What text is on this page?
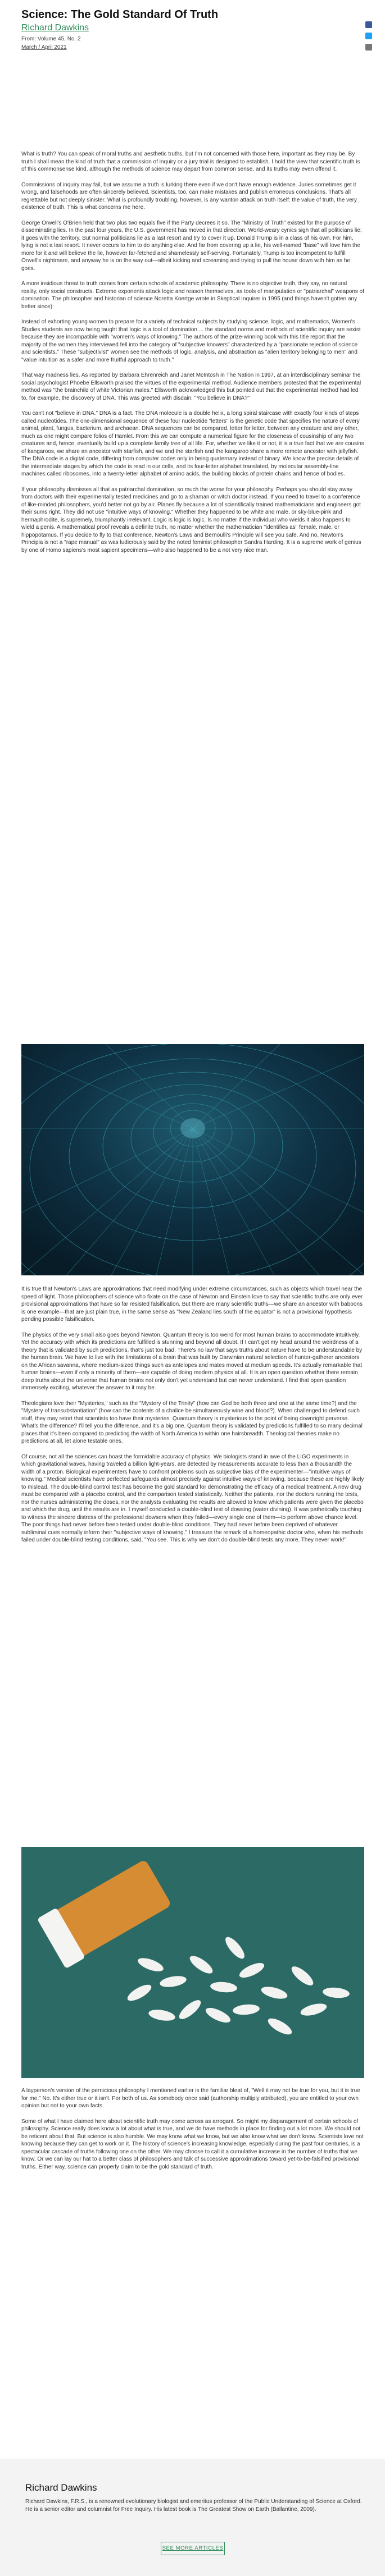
Science: The Gold Standard Of Truth
Richard Dawkins
From: Volume 45, No. 2
March / April 2021

What is truth? You can speak of moral truths and aesthetic truths, but I'm not concerned with those here, important as they may be. By truth I shall mean the kind of truth that a commission of inquiry or a jury trial is designed to establish. I hold the view that scientific truth is of this commonsense kind, although the methods of science may depart from common sense, and its truths may even offend it.

Commissions of inquiry may fail, but we assume a truth is lurking there even if we don't have enough evidence. Juries sometimes get it wrong, and falsehoods are often sincerely believed. Scientists, too, can make mistakes and publish erroneous conclusions. That's all regrettable but not deeply sinister. What is profoundly troubling, however, is any wanton attack on truth itself: the value of truth, the very existence of truth. This is what concerns me here.

George Orwell's O'Brien held that two plus two equals five if the Party decrees it so. The "Ministry of Truth" existed for the purpose of disseminating lies. In the past four years, the U.S. government has moved in that direction. World-weary cynics sigh that all politicians lie; it goes with the territory. But normal politicians lie as a last resort and try to cover it up. Donald Trump is in a class of his own. For him, lying is not a last resort. It never occurs to him to do anything else. And far from covering up a lie, his well-named "base" will love him the more for it and will believe the lie, however far-fetched and shamelessly self-serving. Fortunately, Trump is too incompetent to fulfill Orwell's nightmare, and anyway he is on the way out—albeit kicking and screaming and trying to pull the house down with him as he goes.

A more insidious threat to truth comes from certain schools of academic philosophy. There is no objective truth, they say, no natural reality, only social constructs. Extreme exponents attack logic and reason themselves, as tools of manipulation or "patriarchal" weapons of domination. The philosopher and historian of science Noretta Koertge wrote in Skeptical Inquirer in 1995 (and things haven't gotten any better since):

Instead of exhorting young women to prepare for a variety of technical subjects by studying science, logic, and mathematics, Women's Studies students are now being taught that logic is a tool of domination ... the standard norms and methods of scientific inquiry are sexist because they are incompatible with "women's ways of knowing." The authors of the prize-winning book with this title report that the majority of the women they interviewed fell into the category of "subjective knowers" characterized by a "passionate rejection of science and scientists." These "subjectivist" women see the methods of logic, analysis, and abstraction as "alien territory belonging to men" and "value intuition as a safer and more fruitful approach to truth."

That way madness lies. As reported by Barbara Ehrenreich and Janet McIntosh in The Nation in 1997, at an interdisciplinary seminar the social psychologist Phoebe Ellsworth praised the virtues of the experimental method. Audience members protested that the experimental method was "the brainchild of white Victorian males." Ellsworth acknowledged this but pointed out that the experimental method had led to, for example, the discovery of DNA. This was greeted with disdain: "You believe in DNA?"

You can't not "believe in DNA." DNA is a fact. The DNA molecule is a double helix, a long spiral staircase with exactly four kinds of steps called nucleotides. The one-dimensional sequence of these four nucleotide "letters" is the genetic code that specifies the nature of every animal, plant, fungus, bacterium, and archaean. DNA sequences can be compared, letter for letter, between any creature and any other, much as one might compare folios of Hamlet. From this we can compute a numerical figure for the closeness of cousinship of any two creatures and, hence, eventually build up a complete family tree of all life. For, whether we like it or not, it is a true fact that we are cousins of kangaroos, we share an ancestor with starfish, and we and the starfish and the kangaroo share a more remote ancestor with jellyfish. The DNA code is a digital code, differing from computer codes only in being quaternary instead of binary. We know the precise details of the intermediate stages by which the code is read in our cells, and its four-letter alphabet translated, by molecular assembly-line machines called ribosomes, into a twenty-letter alphabet of amino acids, the building blocks of protein chains and hence of bodies.

If your philosophy dismisses all that as patriarchal domination, so much the worse for your philosophy. Perhaps you should stay away from doctors with their experimentally tested medicines and go to a shaman or witch doctor instead. If you need to travel to a conference of like-minded philosophers, you'd better not go by air. Planes fly because a lot of scientifically trained mathematicians and engineers got their sums right. They did not use "intuitive ways of knowing." Whether they happened to be white and male, or sky-blue-pink and hermaphrodite, is supremely, triumphantly irrelevant. Logic is logic is logic. Is no matter if the individual who wields it also happens to wield a penis. A mathematical proof reveals a definite truth, no matter whether the mathematician "identifies as" female, male, or hippopotamus. If you decide to fly to that conference, Newton's Laws and Bernoulli's Principle will see you safe. And no, Newton's Principia is not a "rape manual" as was ludicrously said by the noted feminist philosopher Sandra Harding. It is a supreme work of genius by one of Homo sapiens's most sapient specimens—who also happened to be a not very nice man.

It is true that Newton's Laws are approximations that need modifying under extreme circumstances, such as objects which travel near the speed of light. Those philosophers of science who fixate on the case of Newton and Einstein love to say that scientific truths are only ever provisional approximations that have so far resisted falsification. But there are many scientific truths—we share an ancestor with baboons is one example—that are just plain true, in the same sense as "New Zealand lies south of the equator" is not a provisional hypothesis pending possible falsification.

The physics of the very small also goes beyond Newton. Quantum theory is too weird for most human brains to accommodate intuitively. Yet the accuracy with which its predictions are fulfilled is stunning and beyond all doubt. If I can't get my head around the weirdness of a theory that is validated by such predictions, that's just too bad. There's no law that says truths about nature have to be understandable by the human brain. We have to live with the limitations of a brain that was built by Darwinian natural selection of hunter-gatherer ancestors on the African savanna, where medium-sized things such as antelopes and mates moved at medium speeds. It's actually remarkable that human brains—even if only a minority of them—are capable of doing modern physics at all. It is an open question whether there remain deep truths about the universe that human brains not only don't yet understand but can never understand. I find that open question immensely exciting, whatever the answer to it may be.

Theologians love their "Mysteries," such as the "Mystery of the Trinity" (how can God be both three and one at the same time?) and the "Mystery of transubstantiation" (how can the contents of a chalice be simultaneously wine and blood?). When challenged to defend such stuff, they may retort that scientists too have their mysteries. Quantum theory is mysterious to the point of being downright perverse. What's the difference? I'll tell you the difference, and it's a big one. Quantum theory is validated by predictions fulfilled to so many decimal places that it's been compared to predicting the width of North America to within one hairsbreadth. Theological theories make no predictions at all, let alone testable ones.

Of course, not all the sciences can boast the formidable accuracy of physics. We biologists stand in awe of the LIGO experiments in which gravitational waves, having traveled a billion light-years, are detected by measurements accurate to less than a thousandth the width of a proton. Biological experimenters have to confront problems such as subjective bias of the experimenter—"intuitive ways of knowing." Medical scientists have perfected safeguards almost precisely against intuitive ways of knowing, because these are highly likely to mislead. The double-blind control test has become the gold standard for demonstrating the efficacy of a medical treatment. A new drug must be compared with a placebo control, and the comparison tested statistically. Neither the patients, nor the doctors running the tests, nor the nurses administering the doses, nor the analysts evaluating the results are allowed to know which patients were given the placebo and which the drug, until the results are in. I myself conducted a double-blind test of dowsing (water divining). It was pathetically touching to witness the sincere distress of the professional dowsers when they failed—every single one of them—to perform above chance level. The poor things had never before been tested under double-blind conditions. They had never before been deprived of whatever subliminal cues normally inform their "subjective ways of knowing." I treasure the remark of a homeopathic doctor who, when his methods failed under double-blind testing conditions, said, "You see. This is why we don't do double-blind tests any more. They never work!"

A layperson's version of the pernicious philosophy I mentioned earlier is the familiar bleat of, "Well it may not be true for you, but it is true for me." No. It's either true or it isn't. For both of us. As somebody once said (authorship multiply attributed), you are entitled to your own opinion but not to your own facts.

Some of what I have claimed here about scientific truth may come across as arrogant. So might my disparagement of certain schools of philosophy. Science really does know a lot about what is true, and we do have methods in place for finding out a lot more. We should not be reticent about that. But science is also humble. We may know what we know, but we also know what we don't know. Scientists love not knowing because they can get to work on it. The history of science's increasing knowledge, especially during the past four centuries, is a spectacular cascade of truths following one on the other. We may choose to call it a cumulative increase in the number of truths that we know. Or we can lay our hat to a better class of philosophers and talk of successive approximations toward yet-to-be-falsified provisional truths. Either way, science can properly claim to be the gold standard of truth.

Richard Dawkins
Richard Dawkins, F.R.S., is a renowned evolutionary biologist and emeritus professor of the Public Understanding of Science at Oxford. He is a senior editor and columnist for Free Inquiry. His latest book is The Greatest Show on Earth (Ballantine, 2009).
SEE MORE ARTICLES
